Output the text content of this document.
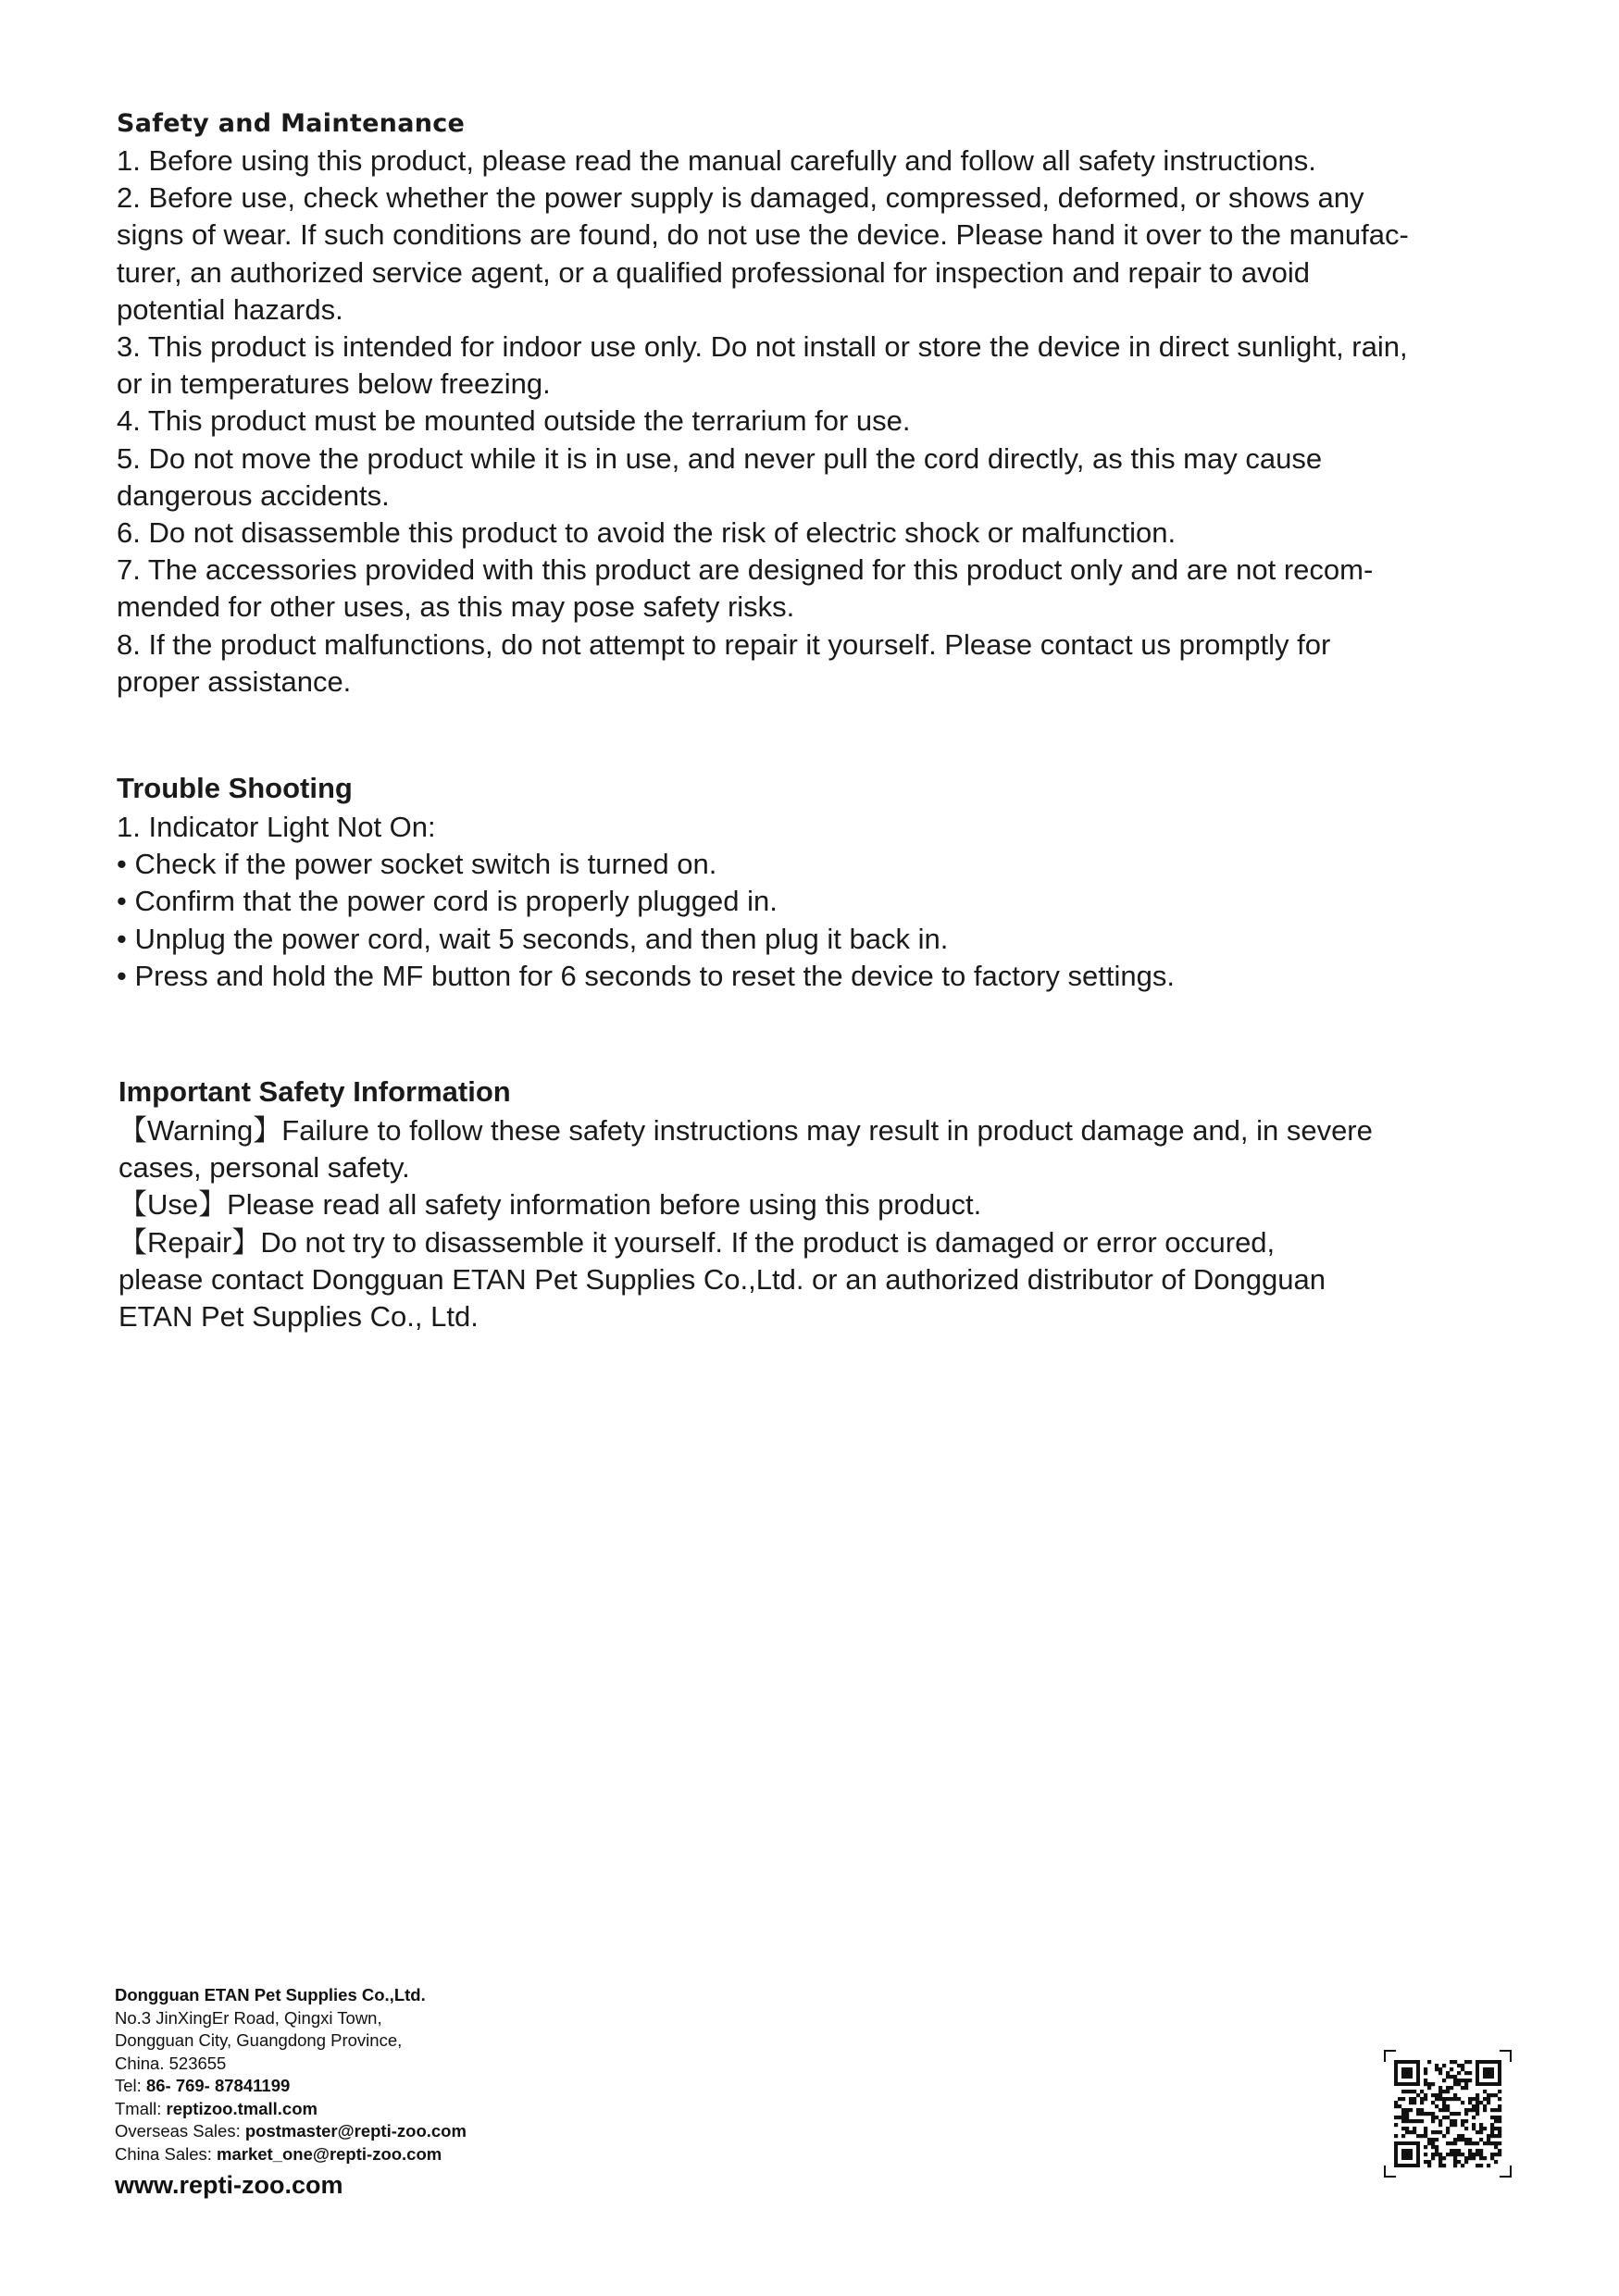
Safety and Maintenance
1. Before using this product, please read the manual carefully and follow all safety instructions.
2. Before use, check whether the power supply is damaged, compressed, deformed, or shows any
signs of wear. If such conditions are found, do not use the device. Please hand it over to the manufac-
turer, an authorized service agent, or a qualified professional for inspection and repair to avoid
potential hazards.
3. This product is intended for indoor use only. Do not install or store the device in direct sunlight, rain,
or in temperatures below freezing.
4. This product must be mounted outside the terrarium for use.
5. Do not move the product while it is in use, and never pull the cord directly, as this may cause
dangerous accidents.
6. Do not disassemble this product to avoid the risk of electric shock or malfunction.
7. The accessories provided with this product are designed for this product only and are not recom-
mended for other uses, as this may pose safety risks.
8. If the product malfunctions, do not attempt to repair it yourself. Please contact us promptly for
proper assistance.
Trouble Shooting
1. Indicator Light Not On:
• Check if the power socket switch is turned on.
• Confirm that the power cord is properly plugged in.
• Unplug the power cord, wait 5 seconds, and then plug it back in.
• Press and hold the MF button for 6 seconds to reset the device to factory settings.
Important Safety Information
【Warning】Failure to follow these safety instructions may result in product damage and, in severe
cases, personal safety.
【Use】Please read all safety information before using this product.
【Repair】Do not try to disassemble it yourself. If the product is damaged or error occured,
please contact Dongguan ETAN Pet Supplies Co.,Ltd. or an authorized distributor of Dongguan
ETAN Pet Supplies Co., Ltd.
Dongguan ETAN Pet Supplies Co.,Ltd.
No.3 JinXingEr Road, Qingxi Town,
Dongguan City, Guangdong Province,
China. 523655
Tel: 86- 769- 87841199
Tmall: reptizoo.tmall.com
Overseas Sales: postmaster@repti-zoo.com
China Sales: market_one@repti-zoo.com
www.repti-zoo.com
